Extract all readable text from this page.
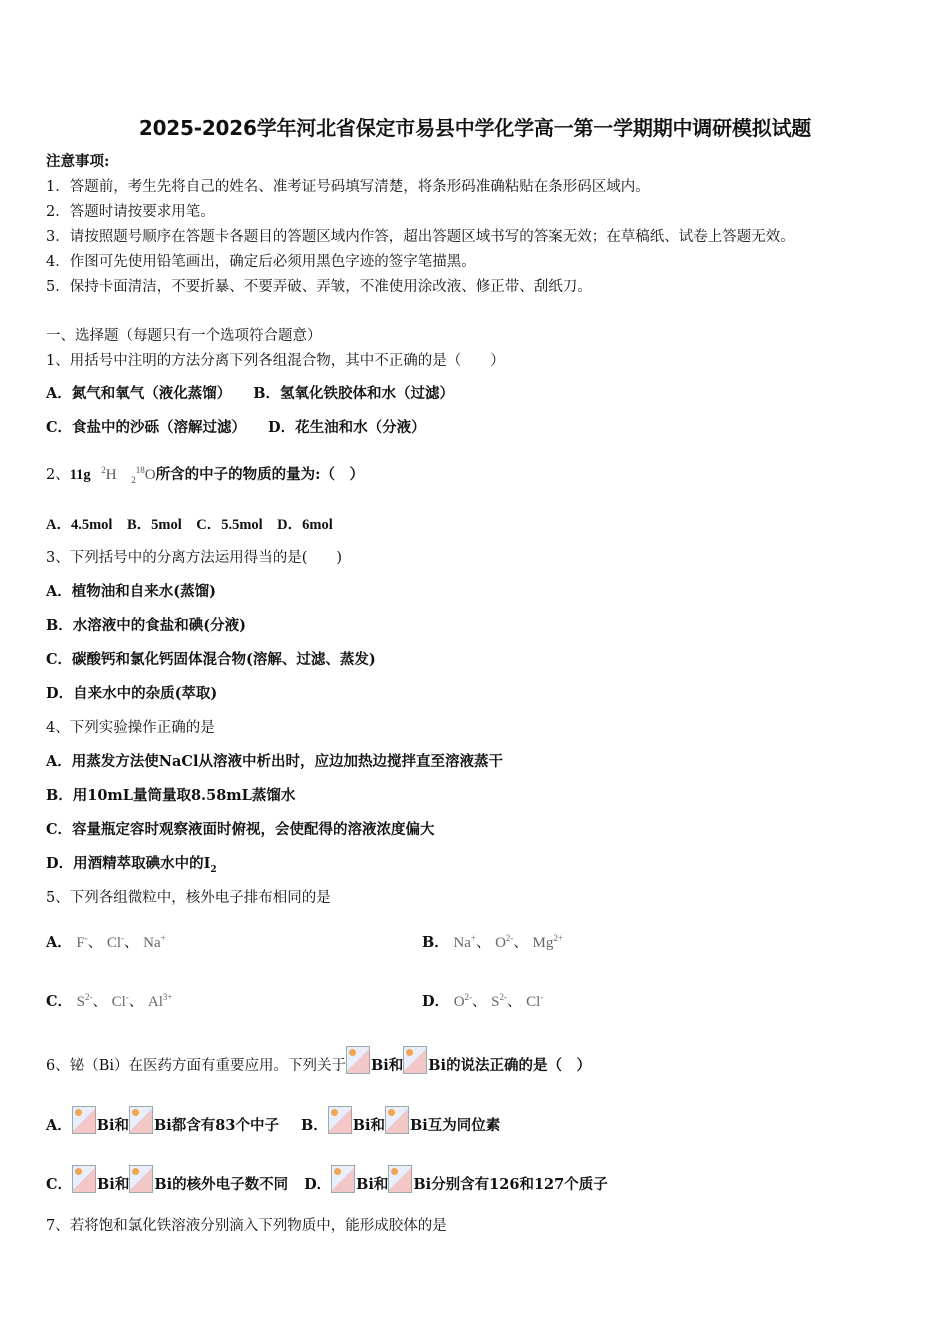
2025-2026学年河北省保定市易县中学化学高一第一学期期中调研模拟试题
注意事项:
1．答题前，考生先将自己的姓名、准考证号码填写清楚，将条形码准确粘贴在条形码区域内。
2．答题时请按要求用笔。
3．请按照题号顺序在答题卡各题目的答题区域内作答，超出答题区域书写的答案无效；在草稿纸、试卷上答题无效。
4．作图可先使用铅笔画出，确定后必须用黑色字迹的签字笔描黑。
5．保持卡面清洁，不要折暴、不要弄破、弄皱，不准使用涂改液、修正带、刮纸刀。
一、选择题（每题只有一个选项符合题意）
1、用括号中注明的方法分离下列各组混合物，其中不正确的是（　　）
A．氮气和氧气（液化蒸馏） B．氢氧化铁胶体和水（过滤）
C．食盐中的沙砾（溶解过滤） D．花生油和水（分液）
2、11g $^2$H $_2^{18}$O所含的中子的物质的量为:（　）
A．4.5mol　B．5mol　C．5.5mol　D．6mol
3、下列括号中的分离方法运用得当的是(　　)
A．植物油和自来水(蒸馏)
B．水溶液中的食盐和碘(分液)
C．碳酸钙和氯化钙固体混合物(溶解、过滤、蒸发)
D．自来水中的杂质(萃取)
4、下列实验操作正确的是
A．用蒸发方法使NaCl从溶液中析出时，应边加热边搅拌直至溶液蒸干
B．用10mL量筒量取8.58mL蒸馏水
C．容量瓶定容时观察液面时俯视，会使配得的溶液浓度偏大
D．用酒精萃取碘水中的$I_2$
5、下列各组微粒中，核外电子排布相同的是
A． F-、 Cl-、 Na+	B． Na+、 $O^{2-}$、 $Mg^{2+}$
C． $S^{2-}$、 Cl-、 $Al^{3+}$	D． $O^{2-}$、 $S^{2-}$、 Cl-
6、铋（Bi）在医药方面有重要应用。下列关于 Bi和 Bi的说法正确的是（　）
A． Bi和 Bi都含有83个中子 B． Bi和 Bi互为同位素
C． Bi和 Bi的核外电子数不同 D． Bi和 Bi分别含有126和127个质子
7、若将饱和氯化铁溶液分别滴入下列物质中，能形成胶体的是
